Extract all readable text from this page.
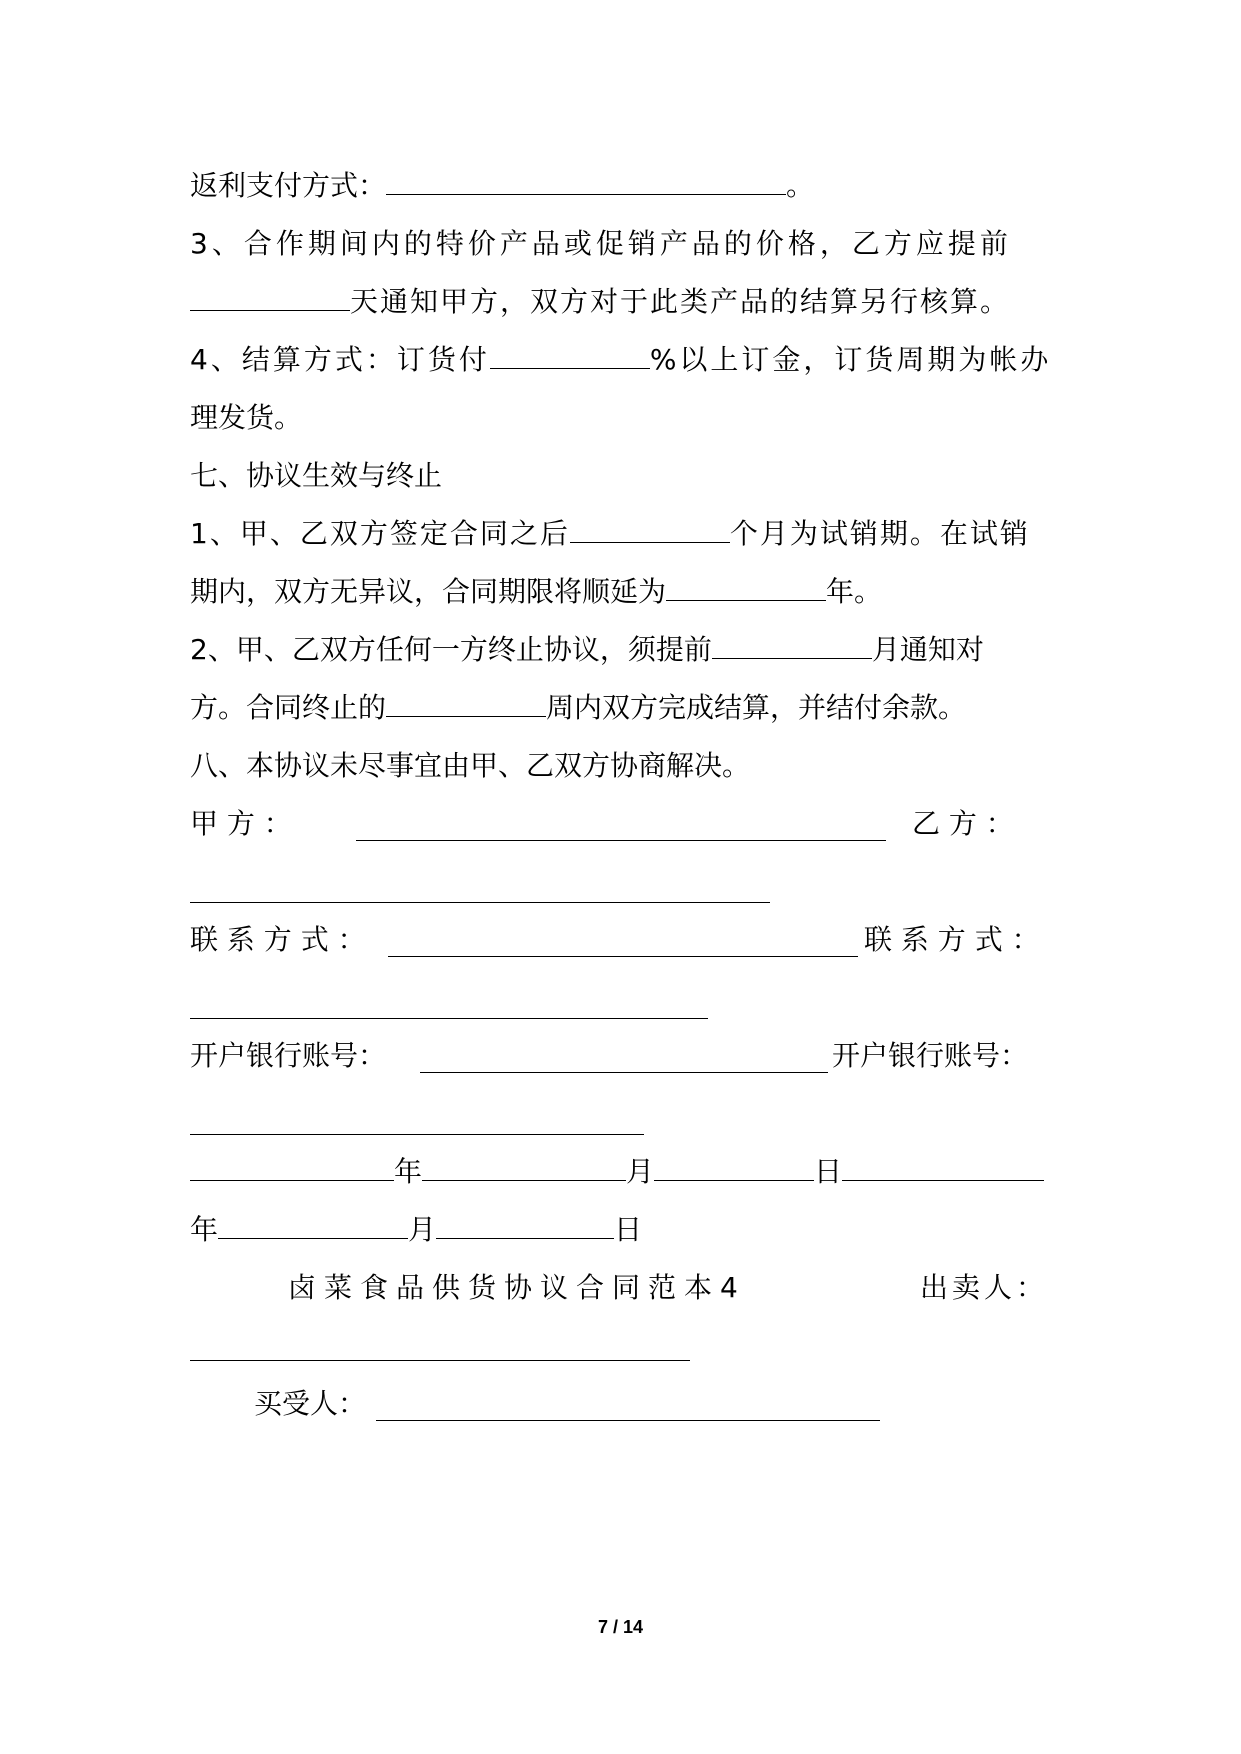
返利支付方式：	。
3、合作期间内的特价产品或促销产品的价格，乙方应提前
天通知甲方，双方对于此类产品的结算另行核算。
4、结算方式：订货付	%以上订金，订货周期为帐办
理发货。
七、协议生效与终止
1、甲、乙双方签定合同之后	个月为试销期。在试销
期内，双方无异议，合同期限将顺延为	年。
2、甲、乙双方任何一方终止协议，须提前	月通知对
方。合同终止的	周内双方完成结算，并结付余款。
八、本协议未尽事宜由甲、乙双方协商解决。
甲 方 ：	乙 方 ：
联 系 方 式 ：	联 系 方 式 ：
开户银行账号：	开户银行账号：
年	月	日
年	月	日
卤菜食品供货协议合同范本4	出卖人：
买受人：
7 / 14
